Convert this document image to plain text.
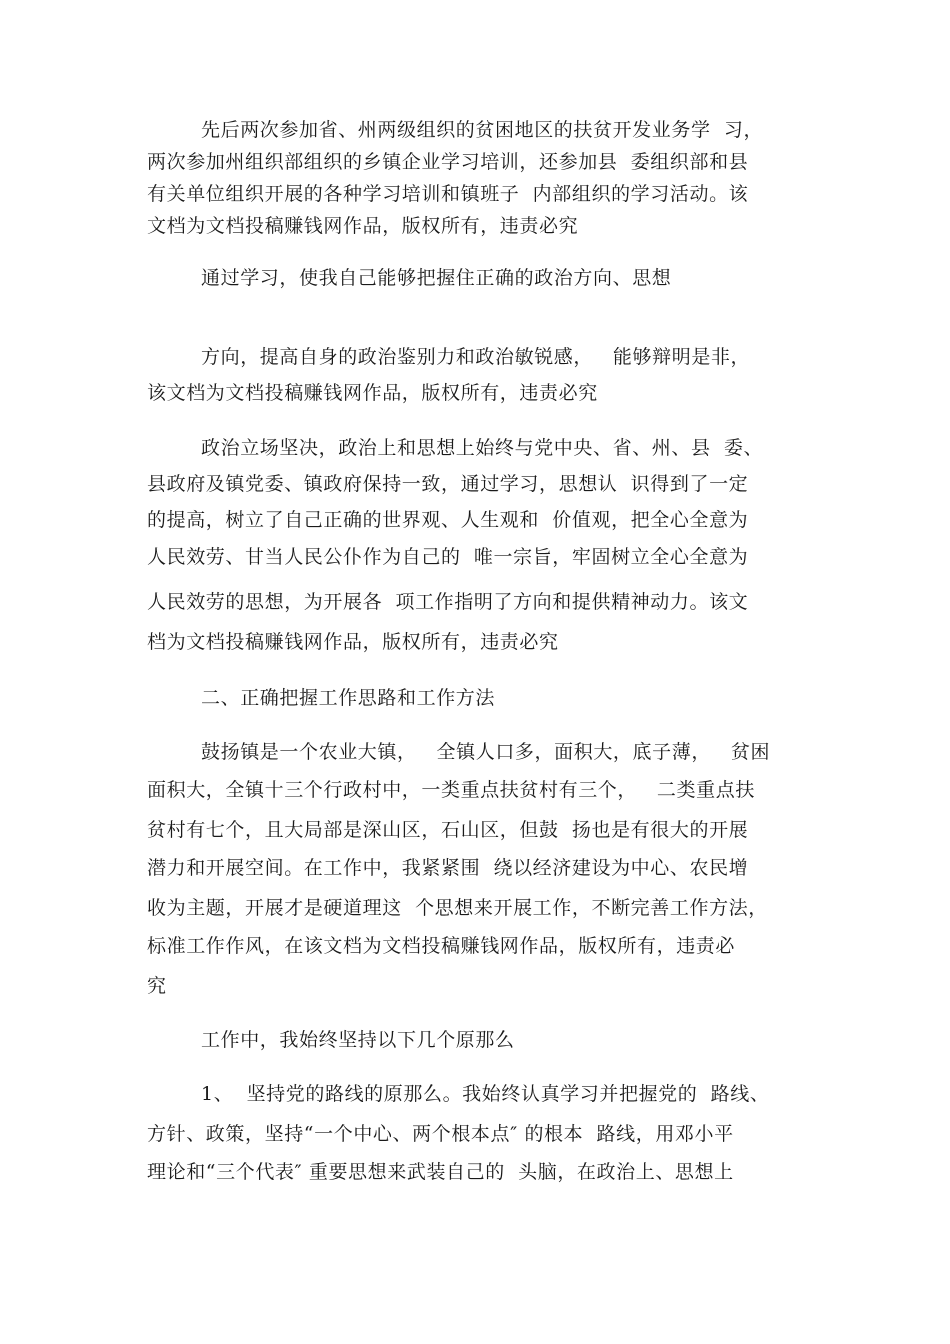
先后两次参加省、州两级组织的贫困地区的扶贫开发业务学  习，
两次参加州组织部组织的乡镇企业学习培训，还参加县  委组织部和县
有关单位组织开展的各种学习培训和镇班子  内部组织的学习活动。该
文档为文档投稿赚钱网作品，版权所有，违责必究
通过学习，使我自己能够把握住正确的政治方向、思想
方向，提高自身的政治鉴别力和政治敏锐感，   能够辩明是非，
该文档为文档投稿赚钱网作品，版权所有，违责必究
政治立场坚决，政治上和思想上始终与党中央、省、州、县  委、
县政府及镇党委、镇政府保持一致，通过学习，思想认  识得到了一定
的提高，树立了自己正确的世界观、人生观和  价值观，把全心全意为
人民效劳、甘当人民公仆作为自己的  唯一宗旨，牢固树立全心全意为
人民效劳的思想，为开展各  项工作指明了方向和提供精神动力。该文
档为文档投稿赚钱网作品，版权所有，违责必究
二、正确把握工作思路和工作方法
鼓扬镇是一个农业大镇，   全镇人口多，面积大，底子薄，   贫困
面积大，全镇十三个行政村中，一类重点扶贫村有三个，   二类重点扶
贫村有七个，且大局部是深山区，石山区，但鼓  扬也是有很大的开展
潜力和开展空间。在工作中，我紧紧围  绕以经济建设为中心、农民增
收为主题，开展才是硬道理这  个思想来开展工作，不断完善工作方法，
标准工作作风，在该文档为文档投稿赚钱网作品，版权所有，违责必
究
工作中，我始终坚持以下几个原那么
1、  坚持党的路线的原那么。我始终认真学习并把握党的  路线、
方针、政策，坚持“一个中心、两个根本点″ 的根本  路线，用邓小平
理论和“三个代表″ 重要思想来武装自己的  头脑，在政治上、思想上
